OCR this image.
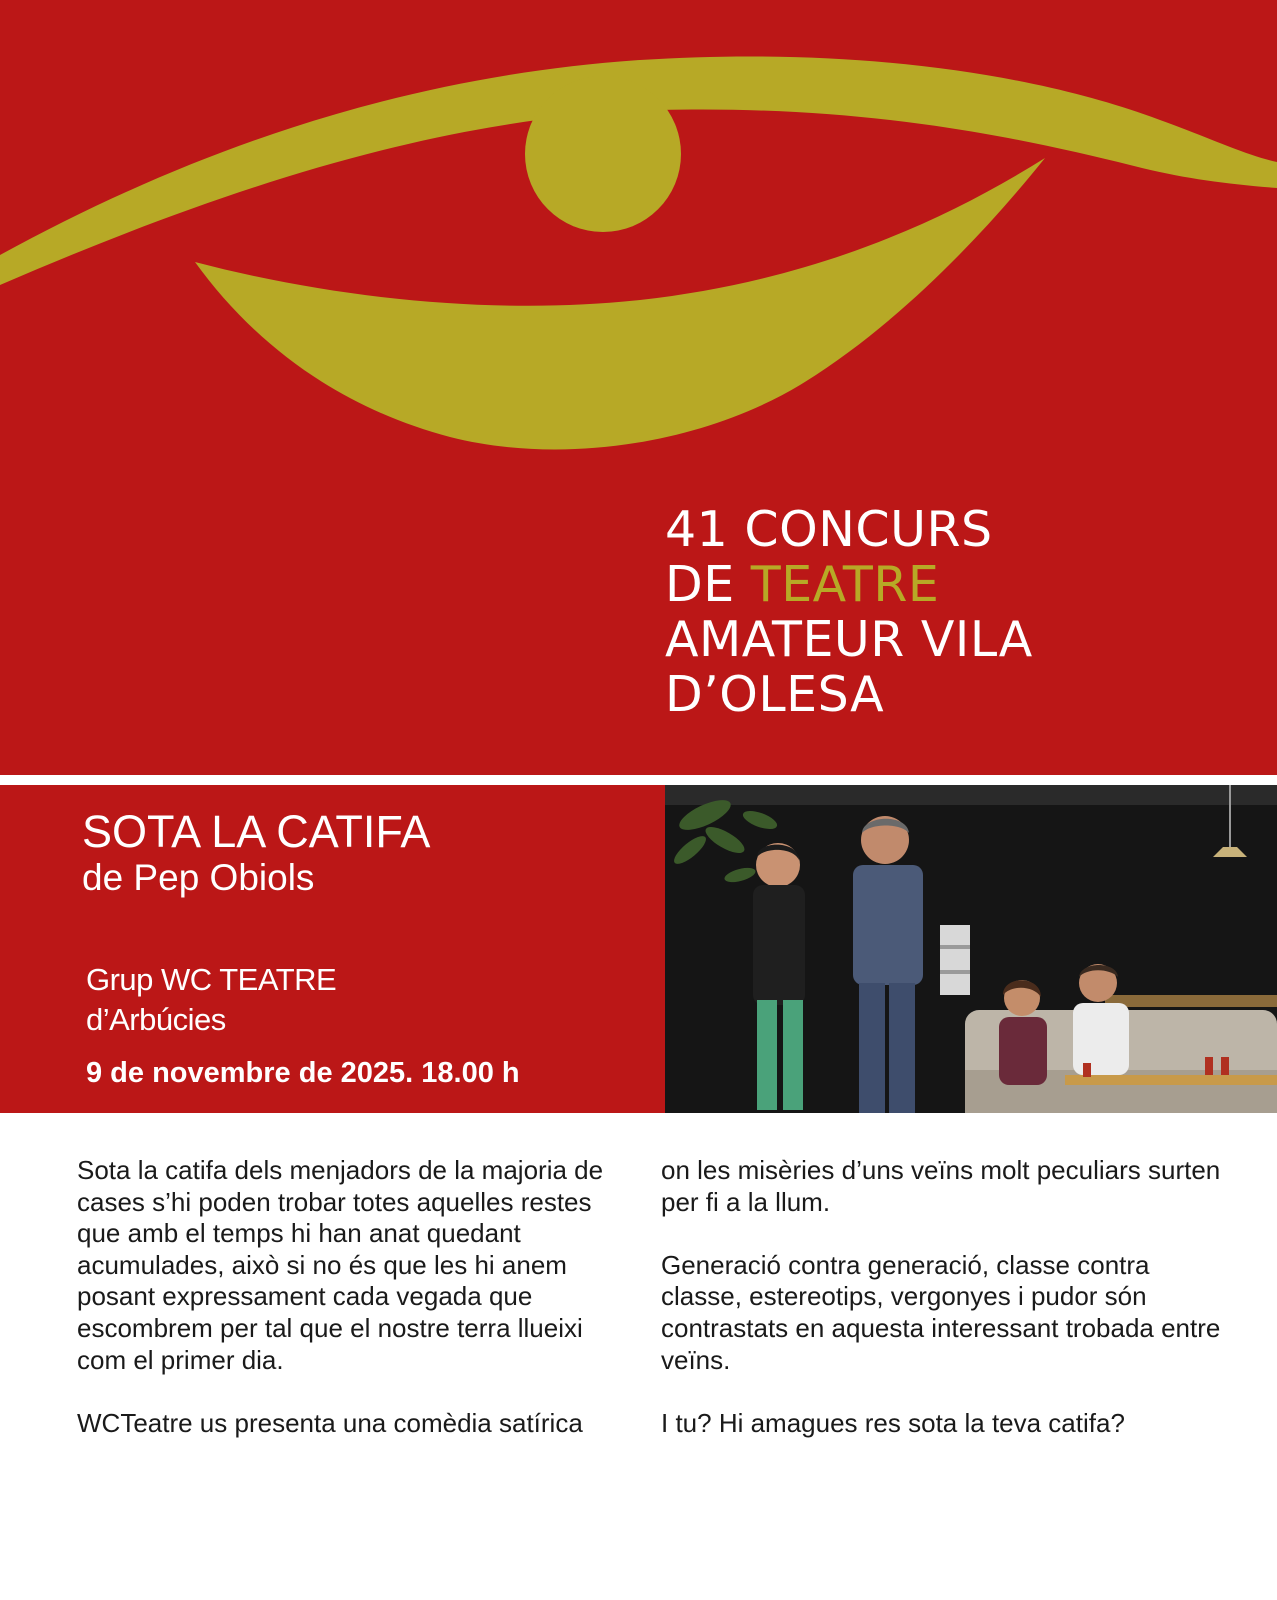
41 CONCURS
DE TEATRE
AMATEUR VILA
D’OLESA
SOTA LA CATIFA
de Pep Obiols
Grup WC TEATRE
d’Arbúcies
9 de novembre de 2025. 18.00 h

Sota la catifa dels menjadors de la majoria de cases s’hi poden trobar totes aquelles restes que amb el temps hi han anat quedant acumulades, això si no és que les hi anem posant expressament cada vegada que escombrem per tal que el nostre terra llueixi com el primer dia.

WCTeatre us presenta una comèdia satírica

on les misèries d’uns veïns molt peculiars surten per fi a la llum.

Generació contra generació, classe contra classe, estereotips, vergonyes i pudor són contrastats en aquesta interessant trobada entre veïns.

I tu? Hi amagues res sota la teva catifa?
